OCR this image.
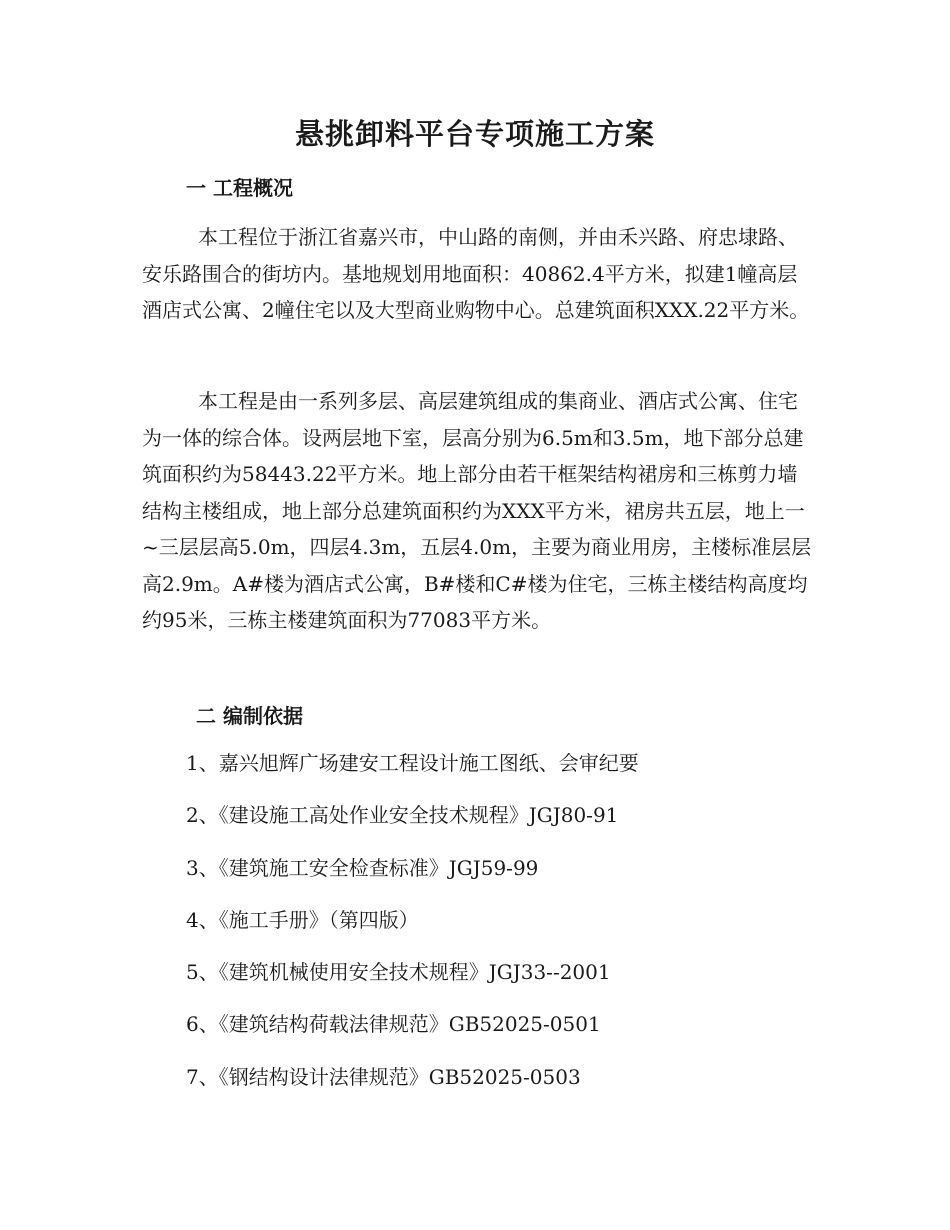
悬挑卸料平台专项施工方案
一 工程概况

本工程位于浙江省嘉兴市，中山路的南侧，并由禾兴路、府忠埭路、安乐路围合的街坊内。基地规划用地面积：40862.4平方米，拟建1幢高层酒店式公寓、2幢住宅以及大型商业购物中心。总建筑面积XXX.22平方米。

本工程是由一系列多层、高层建筑组成的集商业、酒店式公寓、住宅为一体的综合体。设两层地下室，层高分别为6.5m和3.5m，地下部分总建筑面积约为58443.22平方米。地上部分由若干框架结构裙房和三栋剪力墙结构主楼组成，地上部分总建筑面积约为XXX平方米，裙房共五层，地上一~三层层高5.0m，四层4.3m，五层4.0m，主要为商业用房，主楼标准层层高2.9m。A#楼为酒店式公寓，B#楼和C#楼为住宅，三栋主楼结构高度均约95米，三栋主楼建筑面积为77083平方米。

二 编制依据
1、嘉兴旭辉广场建安工程设计施工图纸、会审纪要
2、《建设施工高处作业安全技术规程》JGJ80-91
3、《建筑施工安全检查标准》JGJ59-99
4、《施工手册》（第四版）
5、《建筑机械使用安全技术规程》JGJ33--2001
6、《建筑结构荷载法律规范》GB52025-0501
7、《钢结构设计法律规范》GB52025-0503
